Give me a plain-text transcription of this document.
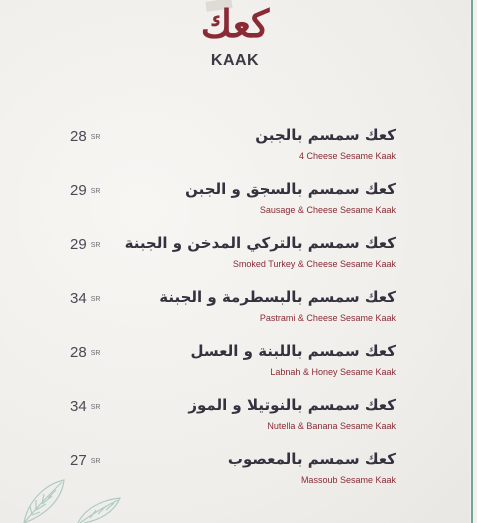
كعك
KAAK
28 SR	كعك سمسم بالجبن
4 Cheese Sesame Kaak
29 SR	كعك سمسم بالسجق و الجبن
Sausage & Cheese Sesame Kaak
29 SR كعك سمسم بالتركي المدخن و الجبنة
Smoked Turkey & Cheese Sesame Kaak
34 SR	كعك سمسم بالبسطرمة و الجبنة
Pastrami & Cheese Sesame Kaak
28 SR	كعك سمسم باللبنة و العسل
Labnah & Honey Sesame Kaak
34 SR	كعك سمسم بالنوتيلا و الموز
Nutella & Banana Sesame Kaak
27 SR	كعك سمسم بالمعصوب
Massoub Sesame Kaak
